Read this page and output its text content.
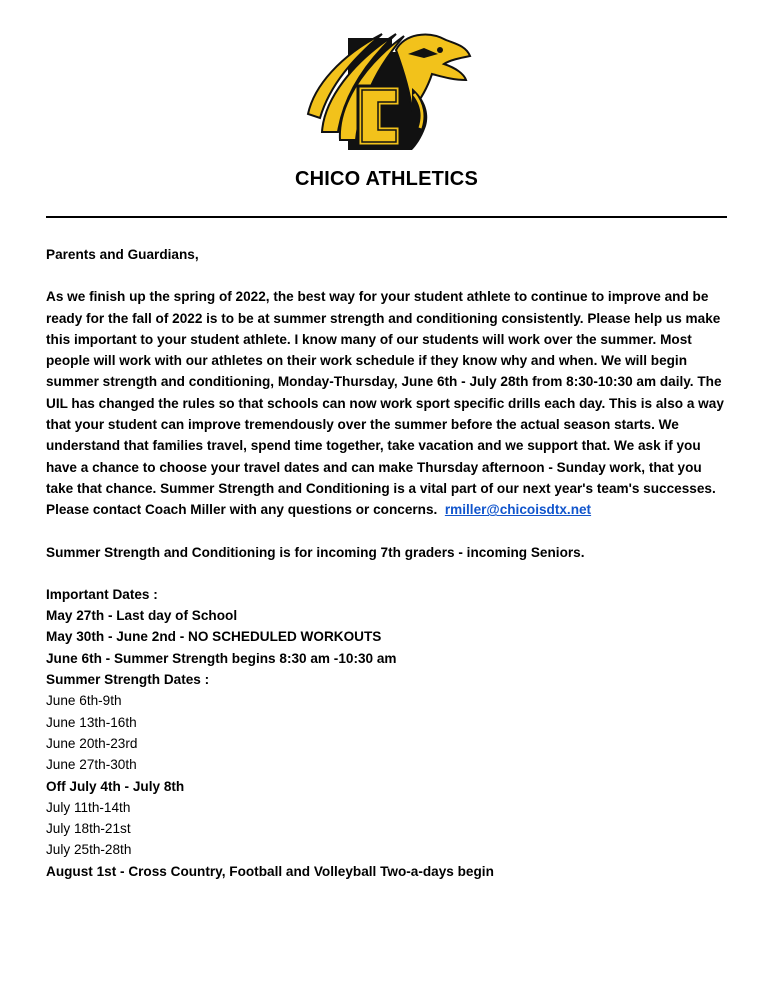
CHICO ATHLETICS

Parents and Guardians,

As we finish up the spring of 2022, the best way for your student athlete to continue to improve and be ready for the fall of 2022 is to be at summer strength and conditioning consistently. Please help us make this important to your student athlete. I know many of our students will work over the summer. Most people will work with our athletes on their work schedule if they know why and when. We will begin summer strength and conditioning, Monday-Thursday, June 6th - July 28th from 8:30-10:30 am daily. The UIL has changed the rules so that schools can now work sport specific drills each day. This is also a way that your student can improve tremendously over the summer before the actual season starts. We understand that families travel, spend time together, take vacation and we support that. We ask if you have a chance to choose your travel dates and can make Thursday afternoon - Sunday work, that you take that chance. Summer Strength and Conditioning is a vital part of our next year's team's successes. Please contact Coach Miller with any questions or concerns. rmiller@chicoisdtx.net

Summer Strength and Conditioning is for incoming 7th graders - incoming Seniors.

Important Dates :

May 27th - Last day of School
May 30th - June 2nd - NO SCHEDULED WORKOUTS
June 6th - Summer Strength begins 8:30 am -10:30 am
Summer Strength Dates :
June 6th-9th
June 13th-16th
June 20th-23rd
June 27th-30th
Off July 4th - July 8th
July 11th-14th
July 18th-21st
July 25th-28th
August 1st - Cross Country, Football and Volleyball Two-a-days begin
